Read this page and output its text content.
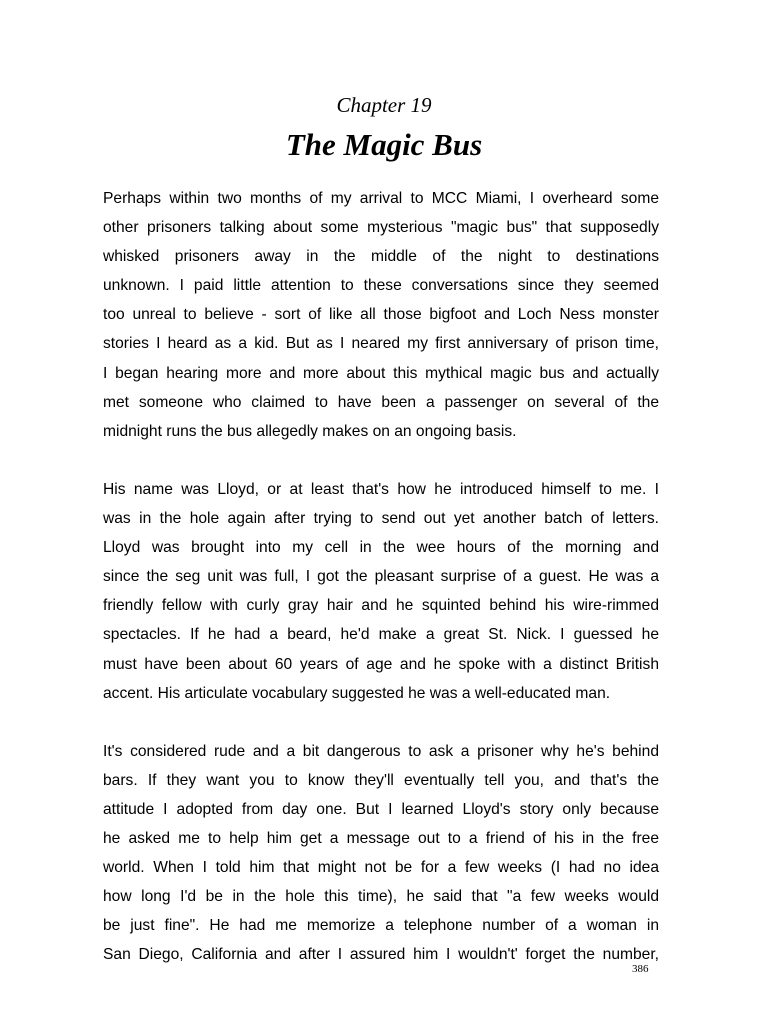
Chapter 19
The Magic Bus
Perhaps within two months of my arrival to MCC Miami, I overheard some
other prisoners talking about some mysterious "magic bus" that supposedly
whisked prisoners away in the middle of the night to destinations
unknown. I paid little attention to these conversations since they seemed
too unreal to believe - sort of like all those bigfoot and Loch Ness monster
stories I heard as a kid. But as I neared my first anniversary of prison time,
I began hearing more and more about this mythical magic bus and actually
met someone who claimed to have been a passenger on several of the
midnight runs the bus allegedly makes on an ongoing basis.
His name was Lloyd, or at least that's how he introduced himself to me. I
was in the hole again after trying to send out yet another batch of letters.
Lloyd was brought into my cell in the wee hours of the morning and
since the seg unit was full, I got the pleasant surprise of a guest. He was a
friendly fellow with curly gray hair and he squinted behind his wire-rimmed
spectacles. If he had a beard, he'd make a great St. Nick. I guessed he
must have been about 60 years of age and he spoke with a distinct British
accent. His articulate vocabulary suggested he was a well-educated man.
It's considered rude and a bit dangerous to ask a prisoner why he's behind
bars. If they want you to know they'll eventually tell you, and that's the
attitude I adopted from day one. But I learned Lloyd's story only because
he asked me to help him get a message out to a friend of his in the free
world. When I told him that might not be for a few weeks (I had no idea
how long I'd be in the hole this time), he said that "a few weeks would
be just fine". He had me memorize a telephone number of a woman in
San Diego, California and after I assured him I wouldn't' forget the number,
386
